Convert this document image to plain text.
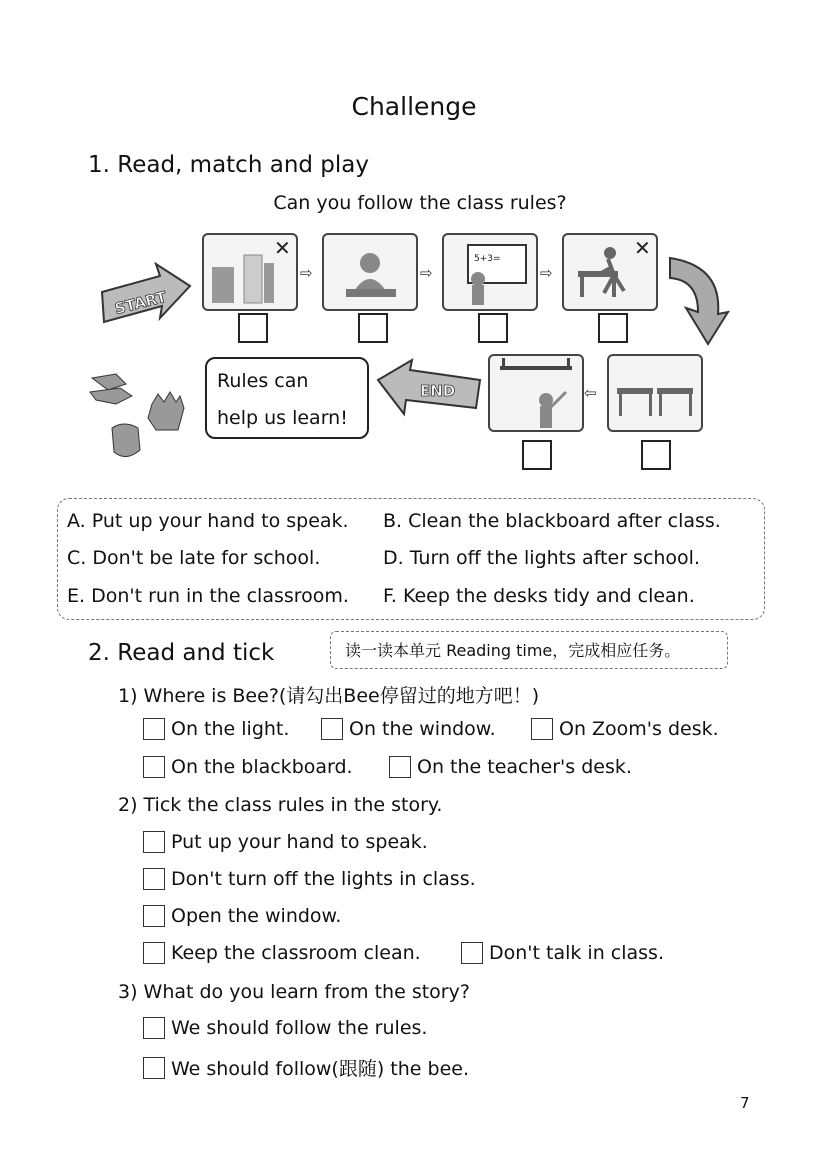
Challenge
1. Read, match and play
Can you follow the class rules?
START
✕
⇨	⇨
5+3=
⇨
✕
⇦
END
Rules can
help us learn!
A. Put up your hand to speak. B. Clean the blackboard after class.
C. Don't be late for school.	D. Turn off the lights after school.
E. Don't run in the classroom. F. Keep the desks tidy and clean.
2. Read and tick	读一读本单元 Reading time，完成相应任务。
1) Where is Bee?(请勾出Bee停留过的地方吧！)
On the light.	On the window.	On Zoom's desk.
On the blackboard.	On the teacher's desk.
2) Tick the class rules in the story.
Put up your hand to speak.
Don't turn off the lights in class.
Open the window.
Keep the classroom clean.	Don't talk in class.
3) What do you learn from the story?
We should follow the rules.
We should follow(跟随) the bee.
7
